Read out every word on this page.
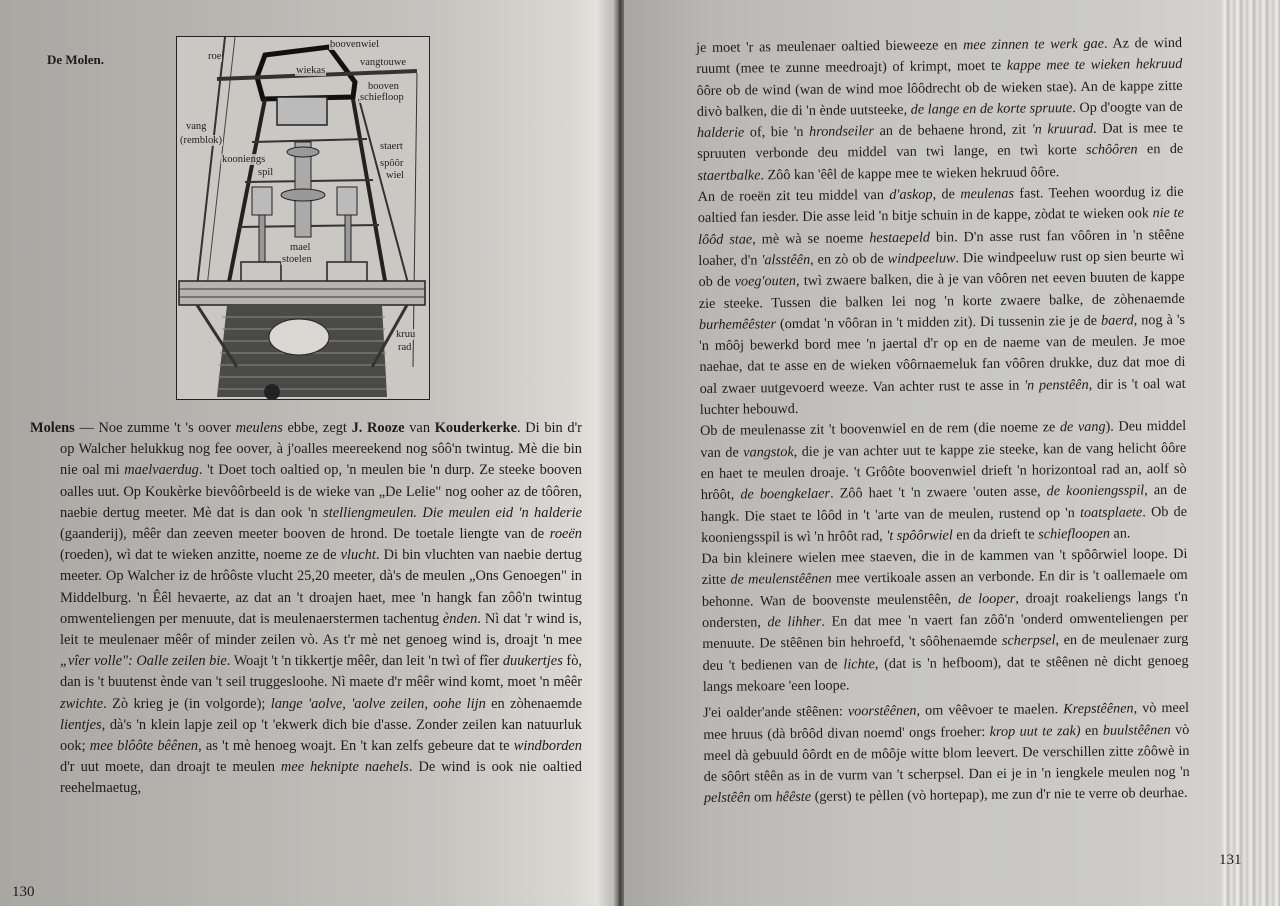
De Molen.	roe
boovenwiel
wiekas
vangtouwe
booven
schiefloop
vang
(remblok)
kooniengs
spil
staert
spôôr
wiel
mael
stoelen
kruu
rad

Molens — Noe zumme 't 's oover meulens ebbe, zegt J. Rooze van Kouderkerke. Di bin d'r op Walcher helukkug nog fee oover, à j'oalles meereekend nog sôô'n twintug. Mè die bin nie oal mi maelvaerdug. 't Doet toch oaltied op, 'n meulen bie 'n durp. Ze steeke booven oalles uut. Op Koukèrke bievôôrbeeld is de wieke van „De Lelie" nog ooher az de tôôren, naebie dertug meeter. Mè dat is dan ook 'n stelliengmeulen. Die meulen eid 'n halderie (gaanderij), mêêr dan zeeven meeter booven de hrond. De toetale liengte van de roeën (roeden), wì dat te wieken anzitte, noeme ze de vlucht. Di bin vluchten van naebie dertug meeter. Op Walcher iz de hrôôste vlucht 25,20 meeter, dà's de meulen „Ons Genoegen" in Middelburg. 'n Êêl hevaerte, az dat an 't droajen haet, mee 'n hangk fan zôô'n twintug omwenteliengen per menuute, dat is meulenaerstermen tachentug ènden. Nì dat 'r wind is, leit te meulenaer mêêr of minder zeilen vò. As t'r mè net genoeg wind is, droajt 'n mee „vîer volle": Oalle zeilen bie. Woajt 't 'n tikkertje mêêr, dan leit 'n twì of fîer duukertjes fò, dan is 't buutenst ènde van 't seil truggesloohe. Nì maete d'r mêêr wind komt, moet 'n mêêr zwichte. Zò krieg je (in volgorde); lange 'aolve, 'aolve zeilen, oohe lijn en zòhenaemde lientjes, dà's 'n klein lapje zeil op 't 'ekwerk dich bie d'asse. Zonder zeilen kan natuurluk ook; mee blôôte bêênen, as 't mè henoeg woajt. En 't kan zelfs gebeure dat te windborden d'r uut moete, dan droajt te meulen mee heknipte naehels. De wind is ook nie oaltied reehelmaetug,

130

je moet 'r as meulenaer oaltied bieweeze en mee zinnen te werk gae. Az de wind ruumt (mee te zunne meedroajt) of krimpt, moet te kappe mee te wieken hekruud ôôre ob de wind (wan de wind moe lôôdrecht ob de wieken stae). An de kappe zitte divò balken, die di 'n ènde uutsteeke, de lange en de korte spruute. Op d'oogte van de halderie of, bie 'n hrondseiler an de behaene hrond, zit 'n kruurad. Dat is mee te spruuten verbonde deu middel van twì lange, en twì korte schôôren en de staertbalke. Zôô kan 'êêl de kappe mee te wieken hekruud ôôre.

An de roeën zit teu middel van d'askop, de meulenas fast. Teehen woordug iz die oaltied fan iesder. Die asse leid 'n bitje schuin in de kappe, zòdat te wieken ook nie te lôôd stae, mè wà se noeme hestaepeld bin. D'n asse rust fan vôôren in 'n stêêne loaher, d'n 'alsstêên, en zò ob de windpeeluw. Die windpeeluw rust op sien beurte wì ob de voeg'outen, twì zwaere balken, die à je van vôôren net eeven buuten de kappe zie steeke. Tussen die balken lei nog 'n korte zwaere balke, de zòhenaemde burhemêêster (omdat 'n vôôran in 't midden zit). Di tussenin zie je de baerd, nog à 's 'n môôj bewerkd bord mee 'n jaertal d'r op en de naeme van de meulen. Je moe naehae, dat te asse en de wieken vôôrnaemeluk fan vôôren drukke, duz dat moe di oal zwaer uutgevoerd weeze. Van achter rust te asse in 'n penstêên, dir is 't oal wat luchter hebouwd.

Ob de meulenasse zit 't boovenwiel en de rem (die noeme ze de vang). Deu middel van de vangstok, die je van achter uut te kappe zie steeke, kan de vang helicht ôôre en haet te meulen droaje. 't Grôôte boovenwiel drieft 'n horizontoal rad an, aolf sò hrôôt, de boengkelaer. Zôô haet 't 'n zwaere 'outen asse, de kooniengsspil, an de hangk. Die staet te lôôd in 't 'arte van de meulen, rustend op 'n toatsplaete. Ob de kooniengsspil is wì 'n hrôôt rad, 't spôôrwiel en da drieft te schiefloopen an.

Da bin kleinere wielen mee staeven, die in de kammen van 't spôôrwiel loope. Di zitte de meulenstêênen mee vertikoale assen an verbonde. En dir is 't oallemaele om behonne. Wan de boovenste meulenstêên, de looper, droajt roakeliengs langs t'n ondersten, de lihher. En dat mee 'n vaert fan zôô'n 'onderd omwenteliengen per menuute. De stêênen bin hehroefd, 't sôôhenaemde scherpsel, en de meulenaer zurg deu 't bedienen van de lichte, (dat is 'n hefboom), dat te stêênen nè dicht genoeg langs mekoare 'een loope.

J'ei oalder'ande stêênen: voorstêênen, om vêêvoer te maelen. Krepstêênen, vò meel mee hruus (dà brôôd divan noemd' ongs froeher: krop uut te zak) en buulstêênen vò meel dà gebuuld ôôrdt en de môôje witte blom leevert. De verschillen zitte zôôwè in de sôôrt stêên as in de vurm van 't scherpsel. Dan ei je in 'n iengkele meulen nog 'n pelstêên om hêêste (gerst) te pèllen (vò hortepap), me zun d'r nie te verre ob deurhae.

131
